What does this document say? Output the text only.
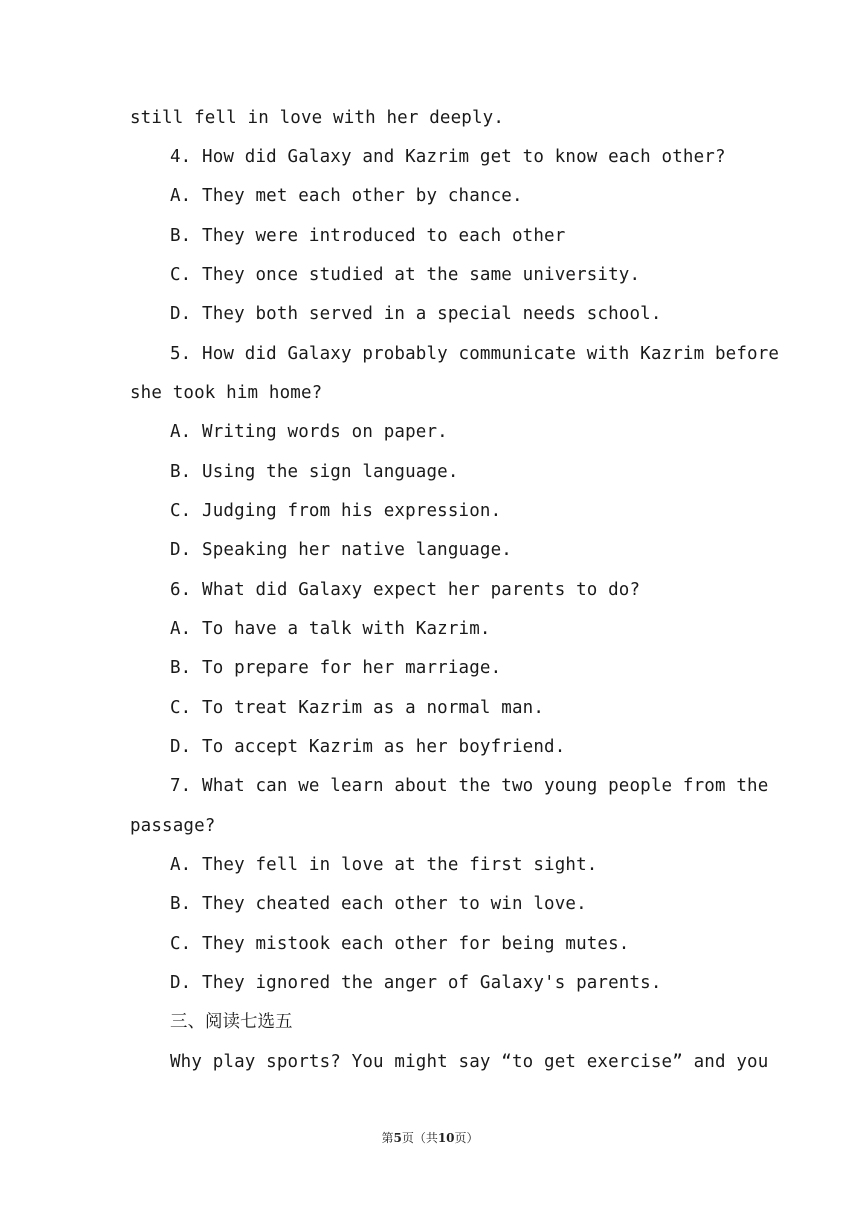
still fell in love with her deeply.
4. How did Galaxy and Kazrim get to know each other?
A. They met each other by chance.
B. They were introduced to each other
C. They once studied at the same university.
D. They both served in a special needs school.
5. How did Galaxy probably communicate with Kazrim before
she took him home?
A. Writing words on paper.
B. Using the sign language.
C. Judging from his expression.
D. Speaking her native language.
6. What did Galaxy expect her parents to do?
A. To have a talk with Kazrim.
B. To prepare for her marriage.
C. To treat Kazrim as a normal man.
D. To accept Kazrim as her boyfriend.
7. What can we learn about the two young people from the
passage?
A. They fell in love at the first sight.
B. They cheated each other to win love.
C. They mistook each other for being mutes.
D. They ignored the anger of Galaxy's parents.
三、阅读七选五
Why play sports? You might say “to get exercise” and you
第5页（共10页）
